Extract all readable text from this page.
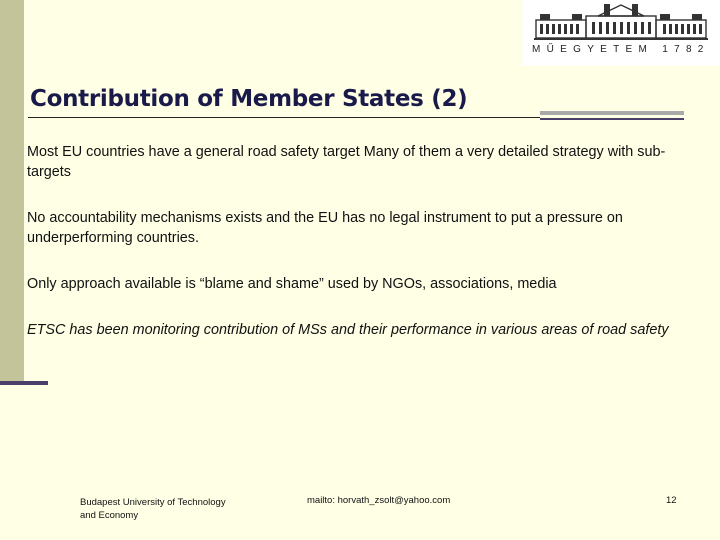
MŰEGYETEM 1782
Contribution of Member States (2)
Most EU countries have a general road safety target Many of them a very detailed strategy with sub-targets
No accountability mechanisms exists and the EU has no legal instrument to put a pressure on underperforming countries.
Only approach available is “blame and shame” used by NGOs, associations, media
ETSC has been monitoring contribution of MSs and their performance in various areas of road safety
Budapest University of Technology and Economy
mailto: horvath_zsolt@yahoo.com	12
